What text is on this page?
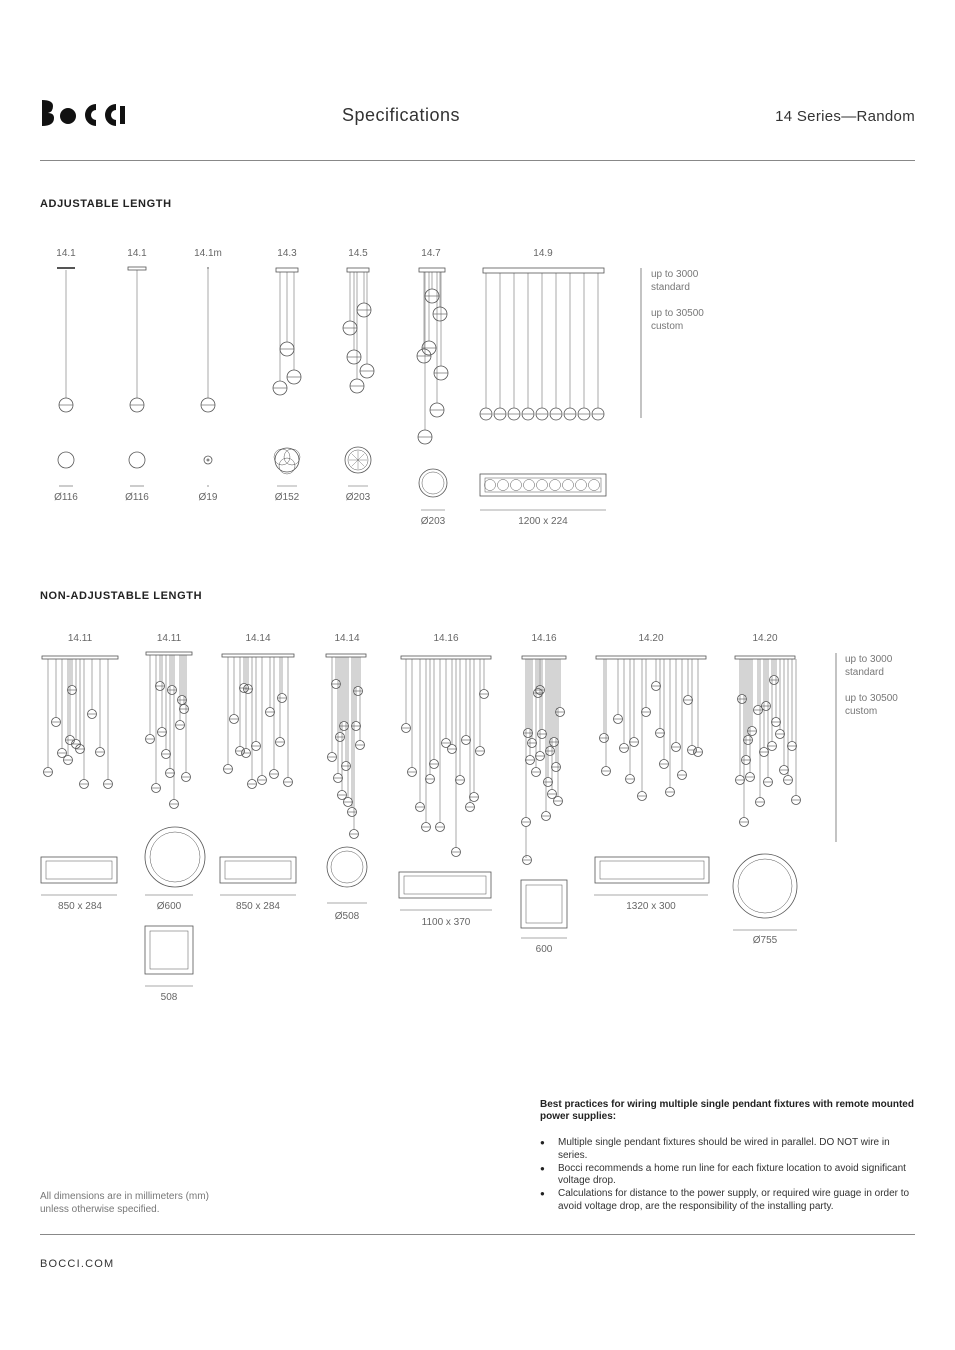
Specifications	14 Series—Random
ADJUSTABLE LENGTH
NON-ADJUSTABLE LENGTH
14.1	14.1	14.1m	14.3	14.5	14.7	14.9
Ø116	Ø116	Ø19	Ø152	Ø203
Ø203	1200 x 224
up to 3000
standard
up to 30500
custom
14.11	14.11	14.14	14.14	14.16	14.16	14.20	14.20
850 x 284	Ø600
508
850 x 284
Ø508
1100 x 370
600
1320 x 300
Ø755
up to 3000
standard
up to 30500
custom
All dimensions are in millimeters (mm)
unless otherwise specified.
Best practices for wiring multiple single pendant fixtures with remote mounted power supplies:
● Multiple single pendant fixtures should be wired in parallel. DO NOT wire in series.
● Bocci recommends a home run line for each fixture location to avoid significant voltage drop.
● Calculations for distance to the power supply, or required wire guage in order to avoid voltage drop, are the responsibility of the installing party.
BOCCI.COM
